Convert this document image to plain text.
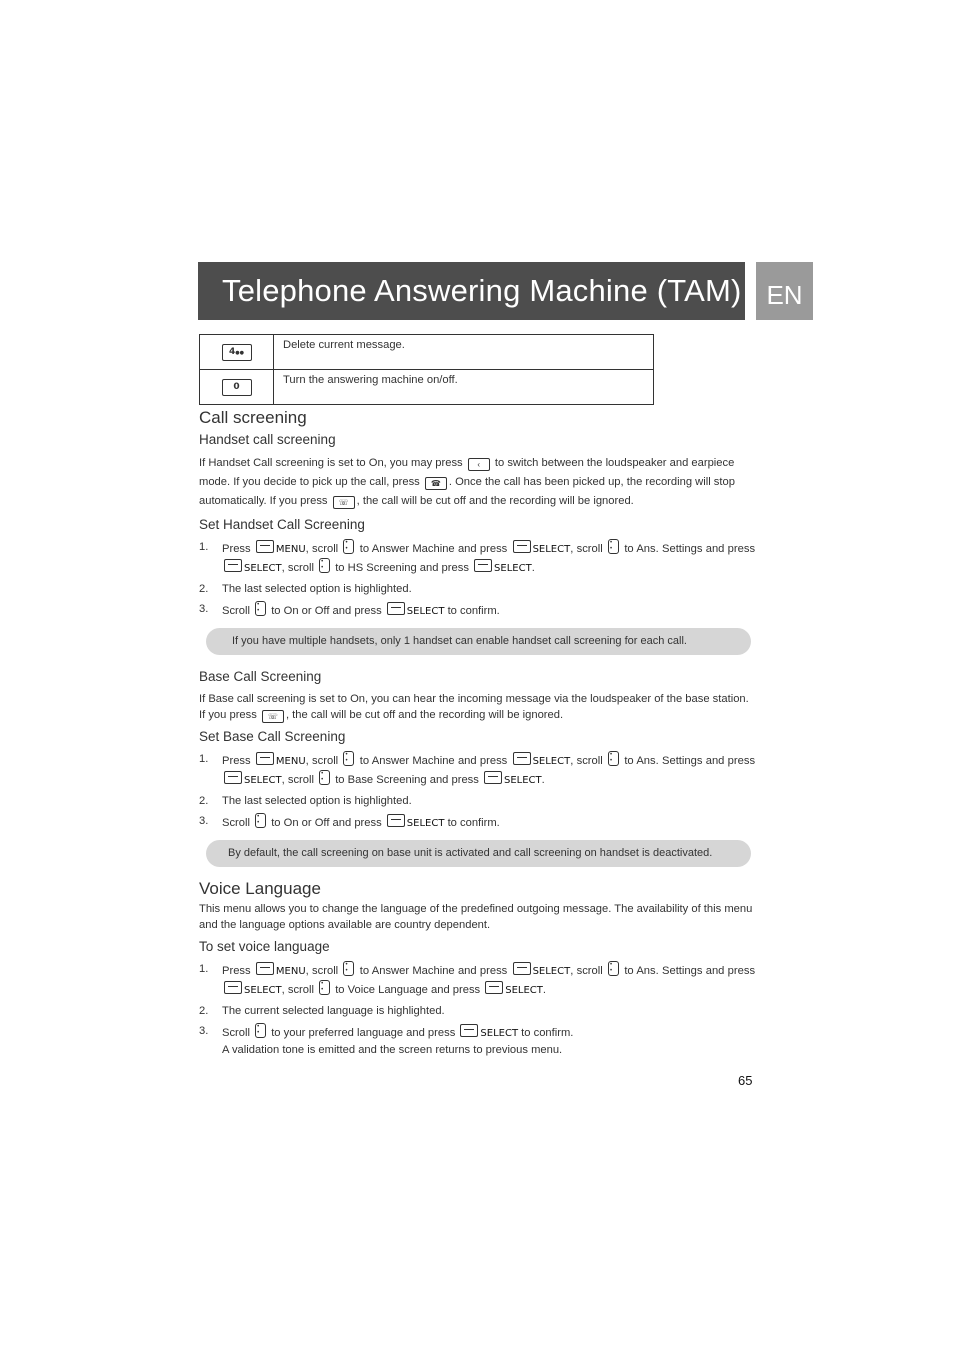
Telephone Answering Machine (TAM) EN
4●●	Delete current message.
0	Turn the answering machine on/off.
Call screening
Handset call screening

If Handset Call screening is set to On, you may press	‹	to switch between the loudspeaker and earpiece mode. If you decide to pick up the call, press	☎ . Once the call has been picked up, the recording will stop automatically. If you press	☏ , the call will be cut off and the recording will be ignored.

Set Handset Call Screening
1. Press	MENU, scroll • • to Answer Machine and press	SELECT, scroll • • to Ans. Settings and press SELECT, scroll • • to HS Screening and press	SELECT.
2. The last selected option is highlighted.
3. Scroll • • to On or Off and press	SELECT to confirm.
If you have multiple handsets, only 1 handset can enable handset call screening for each call.
Base Call Screening

If Base call screening is set to On, you can hear the incoming message via the loudspeaker of the base station. If you press	☏ , the call will be cut off and the recording will be ignored.

Set Base Call Screening
1. Press	MENU, scroll • • to Answer Machine and press	SELECT, scroll • • to Ans. Settings and press SELECT, scroll • • to Base Screening and press	SELECT.
2. The last selected option is highlighted.
3. Scroll • • to On or Off and press	SELECT to confirm.
By default, the call screening on base unit is activated and call screening on handset is deactivated.
Voice Language

This menu allows you to change the language of the predefined outgoing message. The availability of this menu and the language options available are country dependent.

To set voice language
1. Press	MENU, scroll • • to Answer Machine and press	SELECT, scroll • • to Ans. Settings and press SELECT, scroll • • to Voice Language and press	SELECT.
2. The current selected language is highlighted.
3. Scroll • • to your preferred language and press	SELECT to confirm.
A validation tone is emitted and the screen returns to previous menu.
65
